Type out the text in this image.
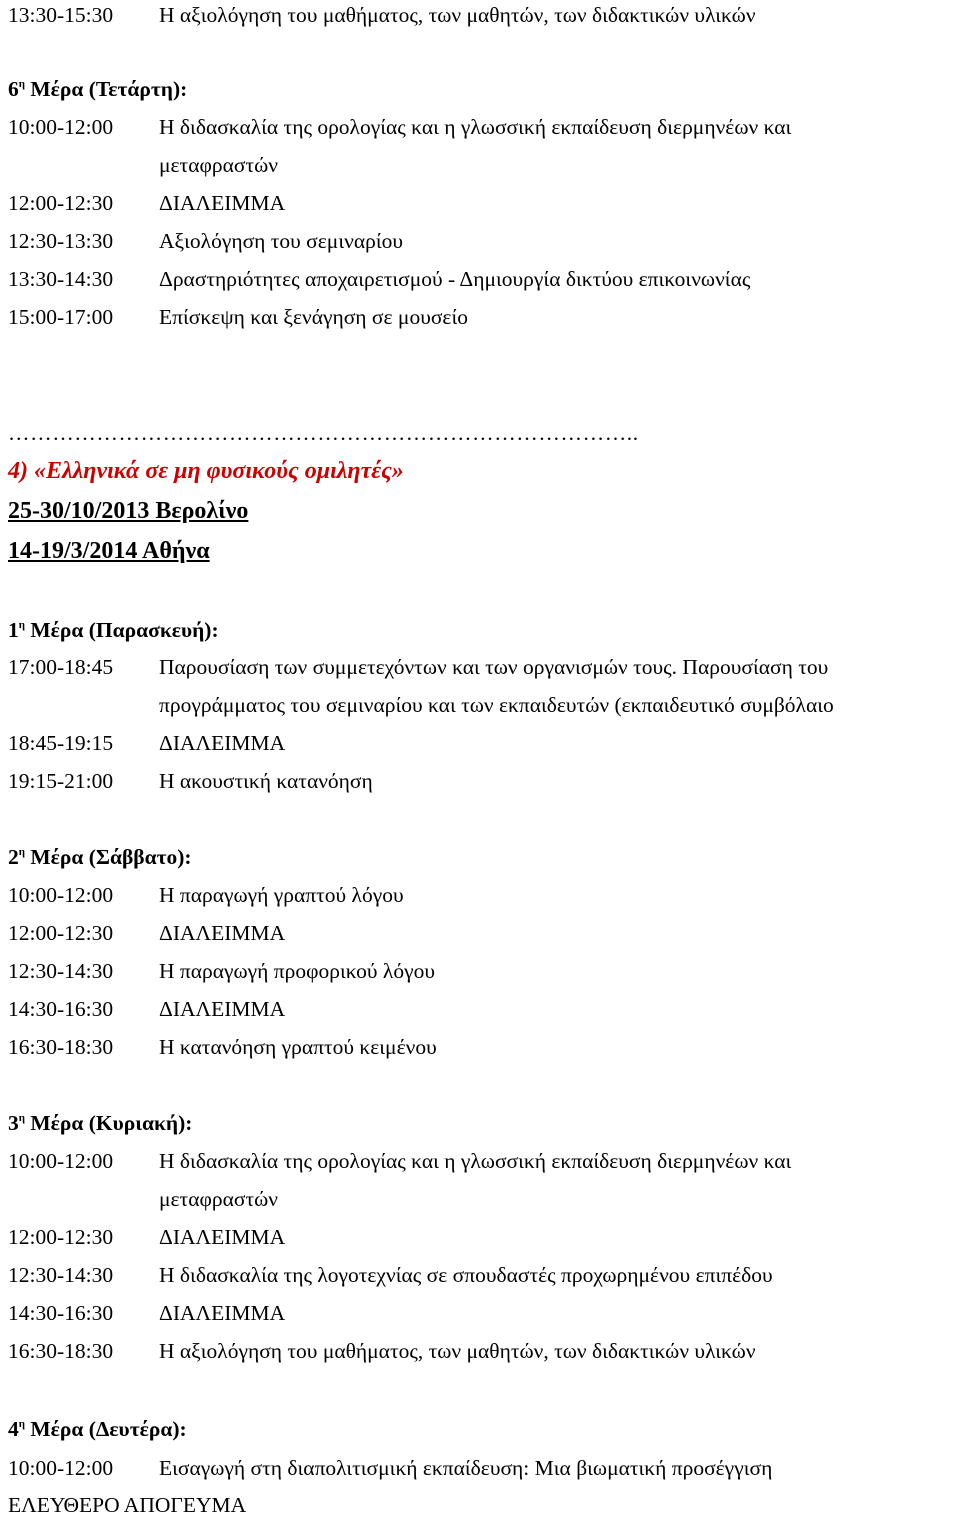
13:30-15:30	Η αξιολόγηση του μαθήματος, των μαθητών, των διδακτικών υλικών
$6^\eta$ Μέρα (Τετάρτη):
10:00-12:00	Η διδασκαλία της ορολογίας και η γλωσσική εκπαίδευση διερμηνέων και
μεταφραστών
12:00-12:30	ΔΙΑΛΕΙΜΜΑ
12:30-13:30	Αξιολόγηση του σεμιναρίου
13:30-14:30	Δραστηριότητες αποχαιρετισμού - Δημιουργία δικτύου επικοινωνίας
15:00-17:00	Επίσκεψη και ξενάγηση σε μουσείο
…………………………………………………………………………..
4) «Ελληνικά σε μη φυσικούς ομιλητές»
25-30/10/2013 Βερολίνο
14-19/3/2014 Αθήνα
$1^\eta$ Μέρα (Παρασκευή):
17:00-18:45	Παρουσίαση των συμμετεχόντων και των οργανισμών τους. Παρουσίαση του
προγράμματος του σεμιναρίου και των εκπαιδευτών (εκπαιδευτικό συμβόλαιο
18:45-19:15	ΔΙΑΛΕΙΜΜΑ
19:15-21:00	Η ακουστική κατανόηση
$2^\eta$ Μέρα (Σάββατο):
10:00-12:00	Η παραγωγή γραπτού λόγου
12:00-12:30	ΔΙΑΛΕΙΜΜΑ
12:30-14:30	Η παραγωγή προφορικού λόγου
14:30-16:30	ΔΙΑΛΕΙΜΜΑ
16:30-18:30	Η κατανόηση γραπτού κειμένου
$3^\eta$ Μέρα (Κυριακή):
10:00-12:00	Η διδασκαλία της ορολογίας και η γλωσσική εκπαίδευση διερμηνέων και
μεταφραστών
12:00-12:30	ΔΙΑΛΕΙΜΜΑ
12:30-14:30	Η διδασκαλία της λογοτεχνίας σε σπουδαστές προχωρημένου επιπέδου
14:30-16:30	ΔΙΑΛΕΙΜΜΑ
16:30-18:30	Η αξιολόγηση του μαθήματος, των μαθητών, των διδακτικών υλικών
$4^\eta$ Μέρα (Δευτέρα):
10:00-12:00	Εισαγωγή στη διαπολιτισμική εκπαίδευση: Μια βιωματική προσέγγιση
ΕΛΕΥΘΕΡΟ ΑΠΟΓΕΥΜΑ
